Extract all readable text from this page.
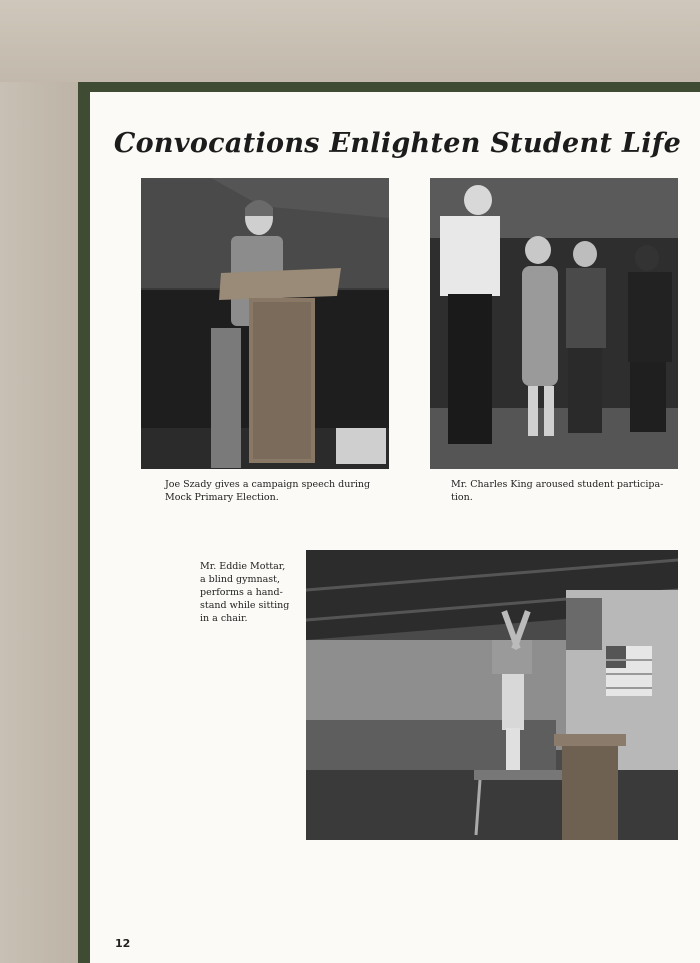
Convocations Enlighten Student Life

Joe Szady gives a campaign speech during
Mock Primary Election.

Mr. Charles King aroused student participa-
tion.

Mr. Eddie Mottar,
a blind gymnast,
performs a hand-
stand while sitting
in a chair.

12
